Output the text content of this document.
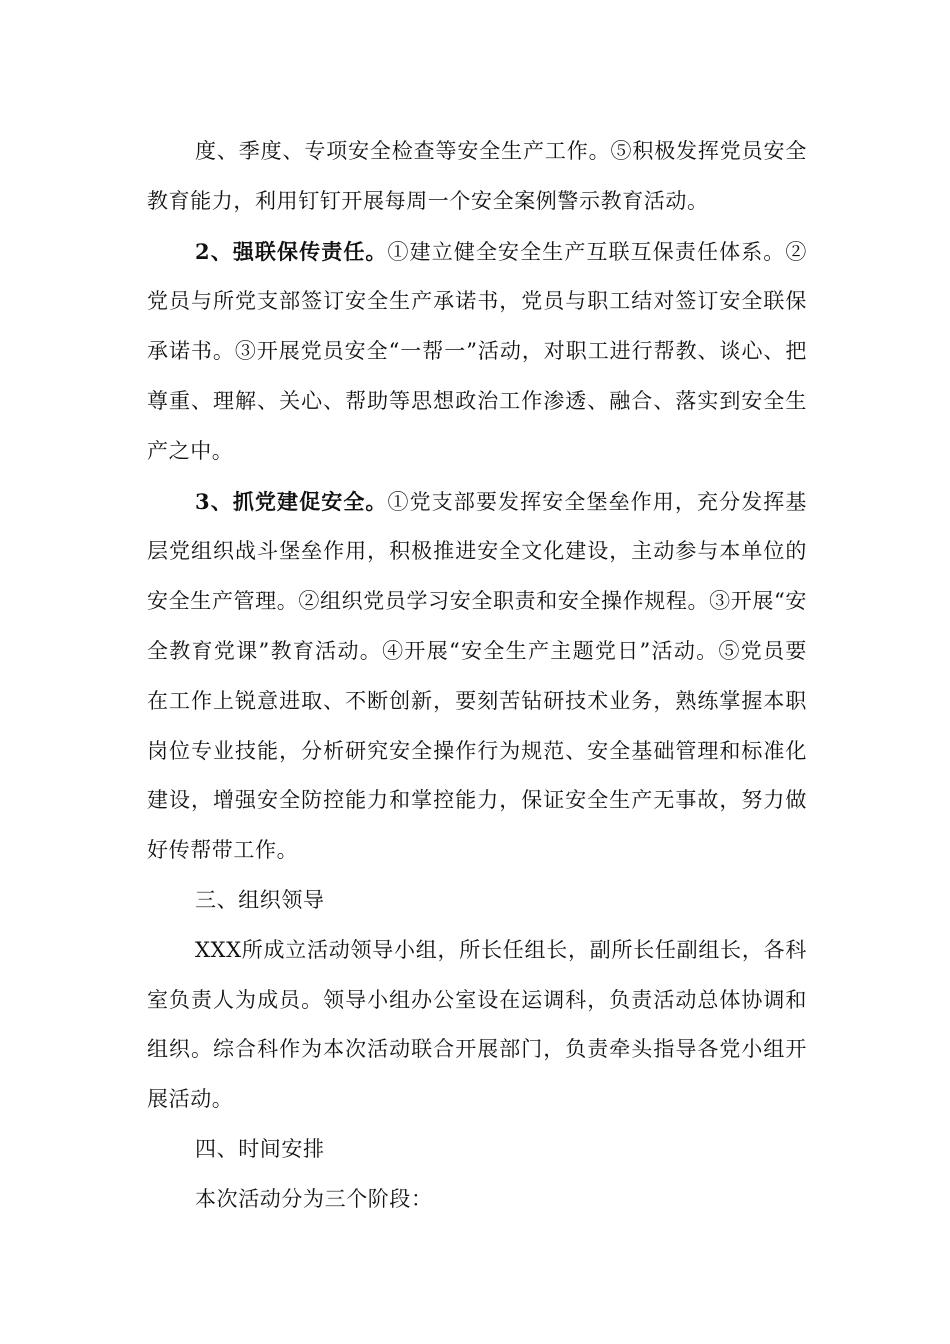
度、季度、专项安全检查等安全生产工作。⑤积极发挥党员安全教育能力，利用钉钉开展每周一个安全案例警示教育活动。

2、强联保传责任。①建立健全安全生产互联互保责任体系。②党员与所党支部签订安全生产承诺书，党员与职工结对签订安全联保承诺书。③开展党员安全“一帮一”活动，对职工进行帮教、谈心、把尊重、理解、关心、帮助等思想政治工作渗透、融合、落实到安全生产之中。

3、抓党建促安全。①党支部要发挥安全堡垒作用，充分发挥基层党组织战斗堡垒作用，积极推进安全文化建设，主动参与本单位的安全生产管理。②组织党员学习安全职责和安全操作规程。③开展“安全教育党课”教育活动。④开展“安全生产主题党日”活动。⑤党员要在工作上锐意进取、不断创新，要刻苦钻研技术业务，熟练掌握本职岗位专业技能，分析研究安全操作行为规范、安全基础管理和标准化建设，增强安全防控能力和掌控能力，保证安全生产无事故，努力做好传帮带工作。

三、组织领导

XXX所成立活动领导小组，所长任组长，副所长任副组长，各科室负责人为成员。领导小组办公室设在运调科，负责活动总体协调和组织。综合科作为本次活动联合开展部门，负责牵头指导各党小组开展活动。

四、时间安排

本次活动分为三个阶段：
